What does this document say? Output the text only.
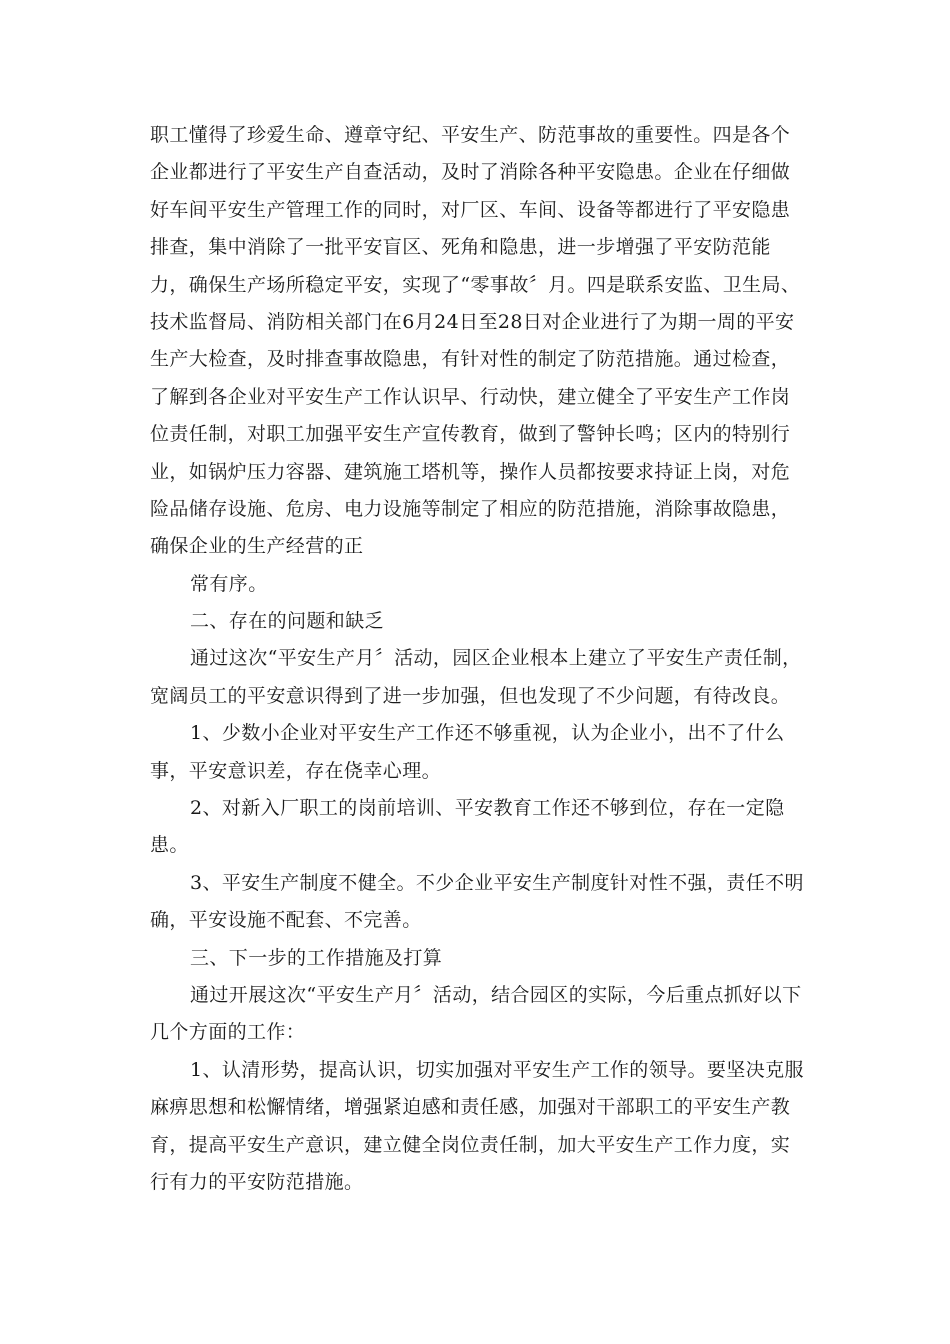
职工懂得了珍爱生命、遵章守纪、平安生产、防范事故的重要性。四是各个
企业都进行了平安生产自查活动，及时了消除各种平安隐患。企业在仔细做
好车间平安生产管理工作的同时，对厂区、车间、设备等都进行了平安隐患
排查，集中消除了一批平安盲区、死角和隐患，进一步增强了平安防范能
力，确保生产场所稳定平安，实现了“零事故〞月。四是联系安监、卫生局、
技术监督局、消防相关部门在6月24日至28日对企业进行了为期一周的平安
生产大检查，及时排查事故隐患，有针对性的制定了防范措施。通过检查，
了解到各企业对平安生产工作认识早、行动快，建立健全了平安生产工作岗
位责任制，对职工加强平安生产宣传教育，做到了警钟长鸣；区内的特别行
业，如锅炉压力容器、建筑施工塔机等，操作人员都按要求持证上岗，对危
险品储存设施、危房、电力设施等制定了相应的防范措施，消除事故隐患，
确保企业的生产经营的正
常有序。
二、存在的问题和缺乏
通过这次“平安生产月〞活动，园区企业根本上建立了平安生产责任制，
宽阔员工的平安意识得到了进一步加强，但也发现了不少问题，有待改良。
1、少数小企业对平安生产工作还不够重视，认为企业小，出不了什么
事，平安意识差，存在侥幸心理。
2、对新入厂职工的岗前培训、平安教育工作还不够到位，存在一定隐
患。
3、平安生产制度不健全。不少企业平安生产制度针对性不强，责任不明
确，平安设施不配套、不完善。
三、下一步的工作措施及打算
通过开展这次“平安生产月〞活动，结合园区的实际，今后重点抓好以下
几个方面的工作：
1、认清形势，提高认识，切实加强对平安生产工作的领导。要坚决克服
麻痹思想和松懈情绪，增强紧迫感和责任感，加强对干部职工的平安生产教
育，提高平安生产意识，建立健全岗位责任制，加大平安生产工作力度，实
行有力的平安防范措施。
